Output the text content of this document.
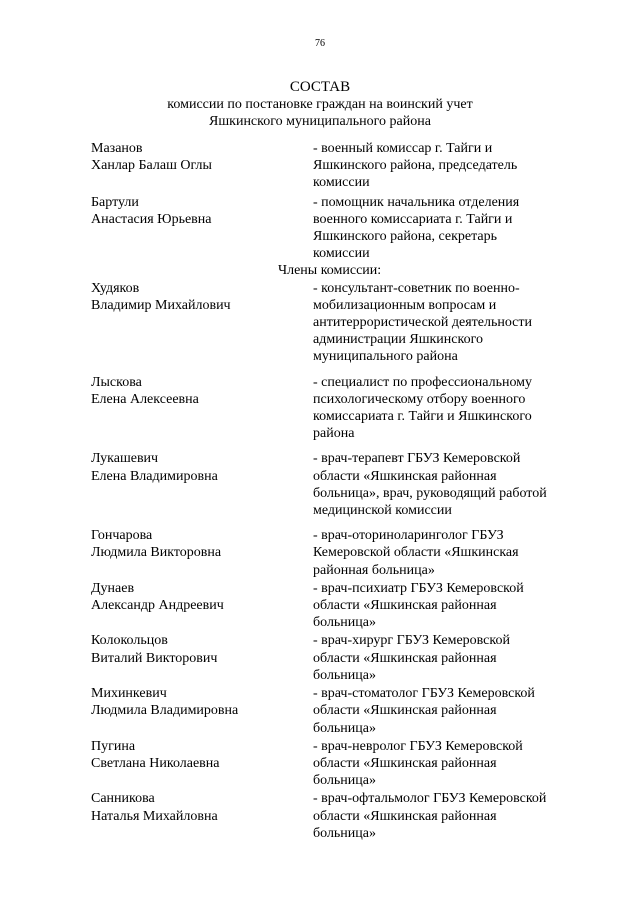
76
СОСТАВ
комиссии по постановке граждан на воинский учет
Яшкинского муниципального района
Мазанов
Ханлар Балаш Оглы
- военный комиссар г. Тайги и
Яшкинского района, председатель
комиссии
Бартули
Анастасия Юрьевна
- помощник начальника отделения
военного комиссариата г. Тайги и
Яшкинского района, секретарь
комиссии
Члены комиссии:
Худяков
Владимир Михайлович
- консультант-советник по военно-
мобилизационным вопросам и
антитеррористической деятельности
администрации Яшкинского
муниципального района
Лыскова
Елена Алексеевна
- специалист по профессиональному
психологическому отбору военного
комиссариата г. Тайги и Яшкинского
района
Лукашевич
Елена Владимировна
- врач-терапевт ГБУЗ Кемеровской
области «Яшкинская районная
больница», врач, руководящий работой
медицинской комиссии
Гончарова
Людмила Викторовна
- врач-оториноларинголог ГБУЗ
Кемеровской области «Яшкинская
районная больница»
Дунаев
Александр Андреевич
- врач-психиатр ГБУЗ Кемеровской
области «Яшкинская районная
больница»
Колокольцов
Виталий Викторович
- врач-хирург ГБУЗ Кемеровской
области «Яшкинская районная
больница»
Михинкевич
Людмила Владимировна
- врач-стоматолог ГБУЗ Кемеровской
области «Яшкинская районная
больница»
Пугина
Светлана Николаевна
- врач-невролог ГБУЗ Кемеровской
области «Яшкинская районная
больница»
Санникова
Наталья Михайловна
- врач-офтальмолог ГБУЗ Кемеровской
области «Яшкинская районная
больница»
